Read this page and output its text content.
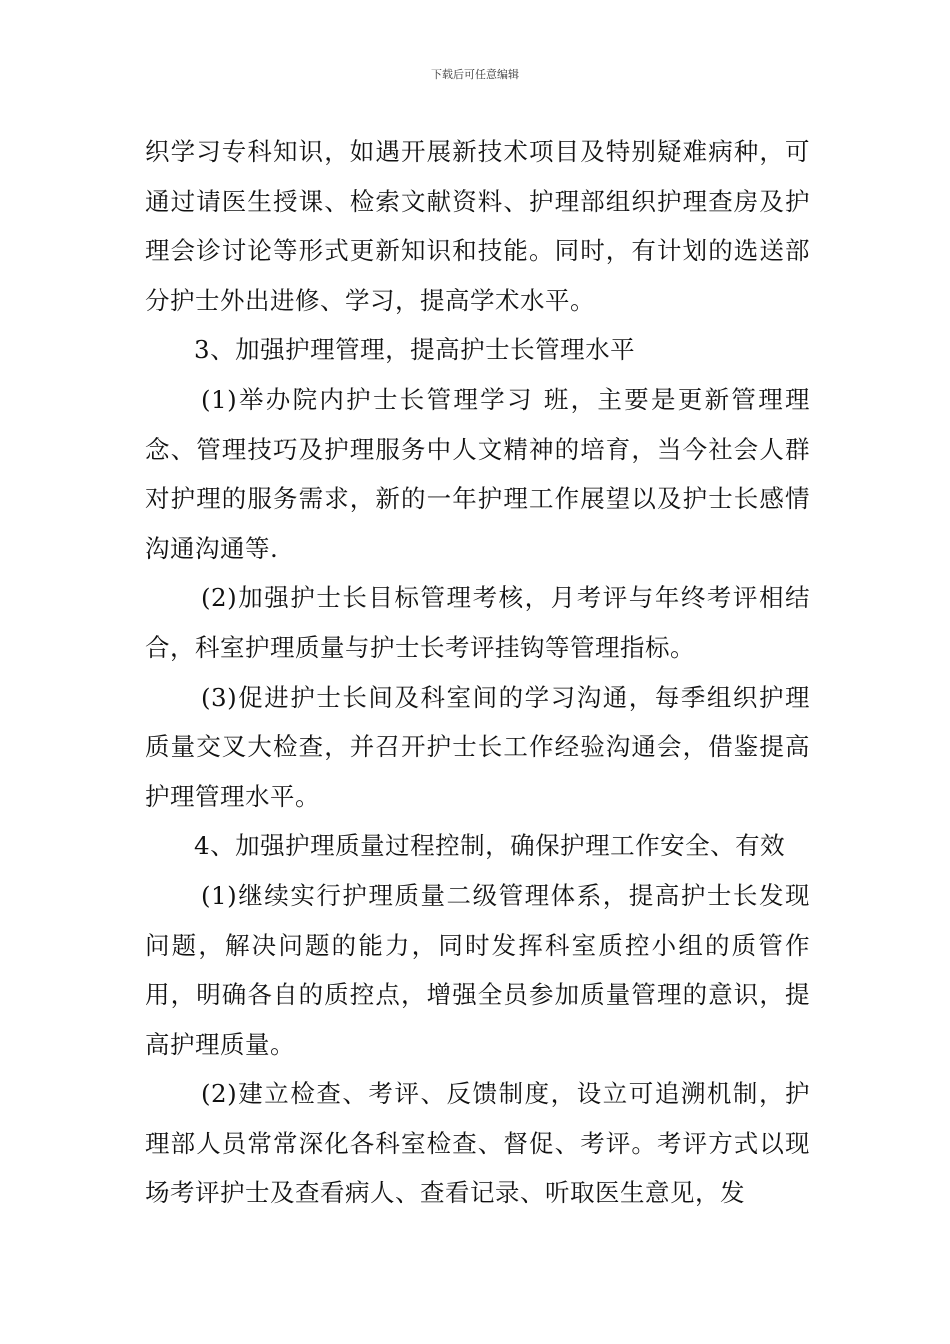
下载后可任意编辑

织学习专科知识，如遇开展新技术项目及特别疑难病种，可通过请医生授课、检索文献资料、护理部组织护理查房及护理会诊讨论等形式更新知识和技能。同时，有计划的选送部分护士外出进修、学习，提高学术水平。

3、加强护理管理，提高护士长管理水平

(1)举办院内护士长管理学习 班，主要是更新管理理念、管理技巧及护理服务中人文精神的培育，当今社会人群对护理的服务需求，新的一年护理工作展望以及护士长感情沟通沟通等.

(2)加强护士长目标管理考核，月考评与年终考评相结合，科室护理质量与护士长考评挂钩等管理指标。

(3)促进护士长间及科室间的学习沟通，每季组织护理质量交叉大检查，并召开护士长工作经验沟通会，借鉴提高护理管理水平。

4、加强护理质量过程控制，确保护理工作安全、有效

(1)继续实行护理质量二级管理体系，提高护士长发现问题，解决问题的能力，同时发挥科室质控小组的质管作用，明确各自的质控点，增强全员参加质量管理的意识，提高护理质量。

(2)建立检查、考评、反馈制度，设立可追溯机制，护理部人员常常深化各科室检查、督促、考评。考评方式以现场考评护士及查看病人、查看记录、听取医生意见，发
